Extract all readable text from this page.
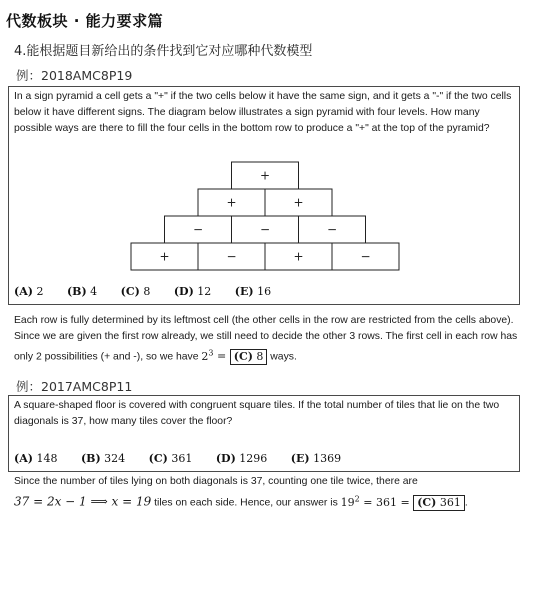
代数板块 · 能力要求篇
4.能根据题目新给出的条件找到它对应哪种代数模型
例：2018AMC8P19
In a sign pyramid a cell gets a "+" if the two cells below it have the same sign, and it gets a "-" if the two cells below it have different signs. The diagram below illustrates a sign pyramid with four levels. How many possible ways are there to fill the four cells in the bottom row to produce a "+" at the top of the pyramid?
+
+	+
−	−	−
+	−	+	−
(A) 2 (B) 4 (C) 8 (D) 12 (E) 16
Each row is fully determined by its leftmost cell (the other cells in the row are restricted from the cells above). Since we are given the first row already, we still need to decide the other 3 rows. The first cell in each row has only 2 possibilities (+ and -), so we have $2^3 = (C)$ 8 ways.
例：2017AMC8P11
A square-shaped floor is covered with congruent square tiles. If the total number of tiles that lie on the two diagonals is 37, how many tiles cover the floor?
(A) 148 (B) 324 (C) 361 (D) 1296 (E) 1369
Since the number of tiles lying on both diagonals is 37, counting one tile twice, there are
37 = 2x − 1 ⟹ x = 19 tiles on each side. Hence, our answer is $19^2 = 361 = (C)$ 361 .
